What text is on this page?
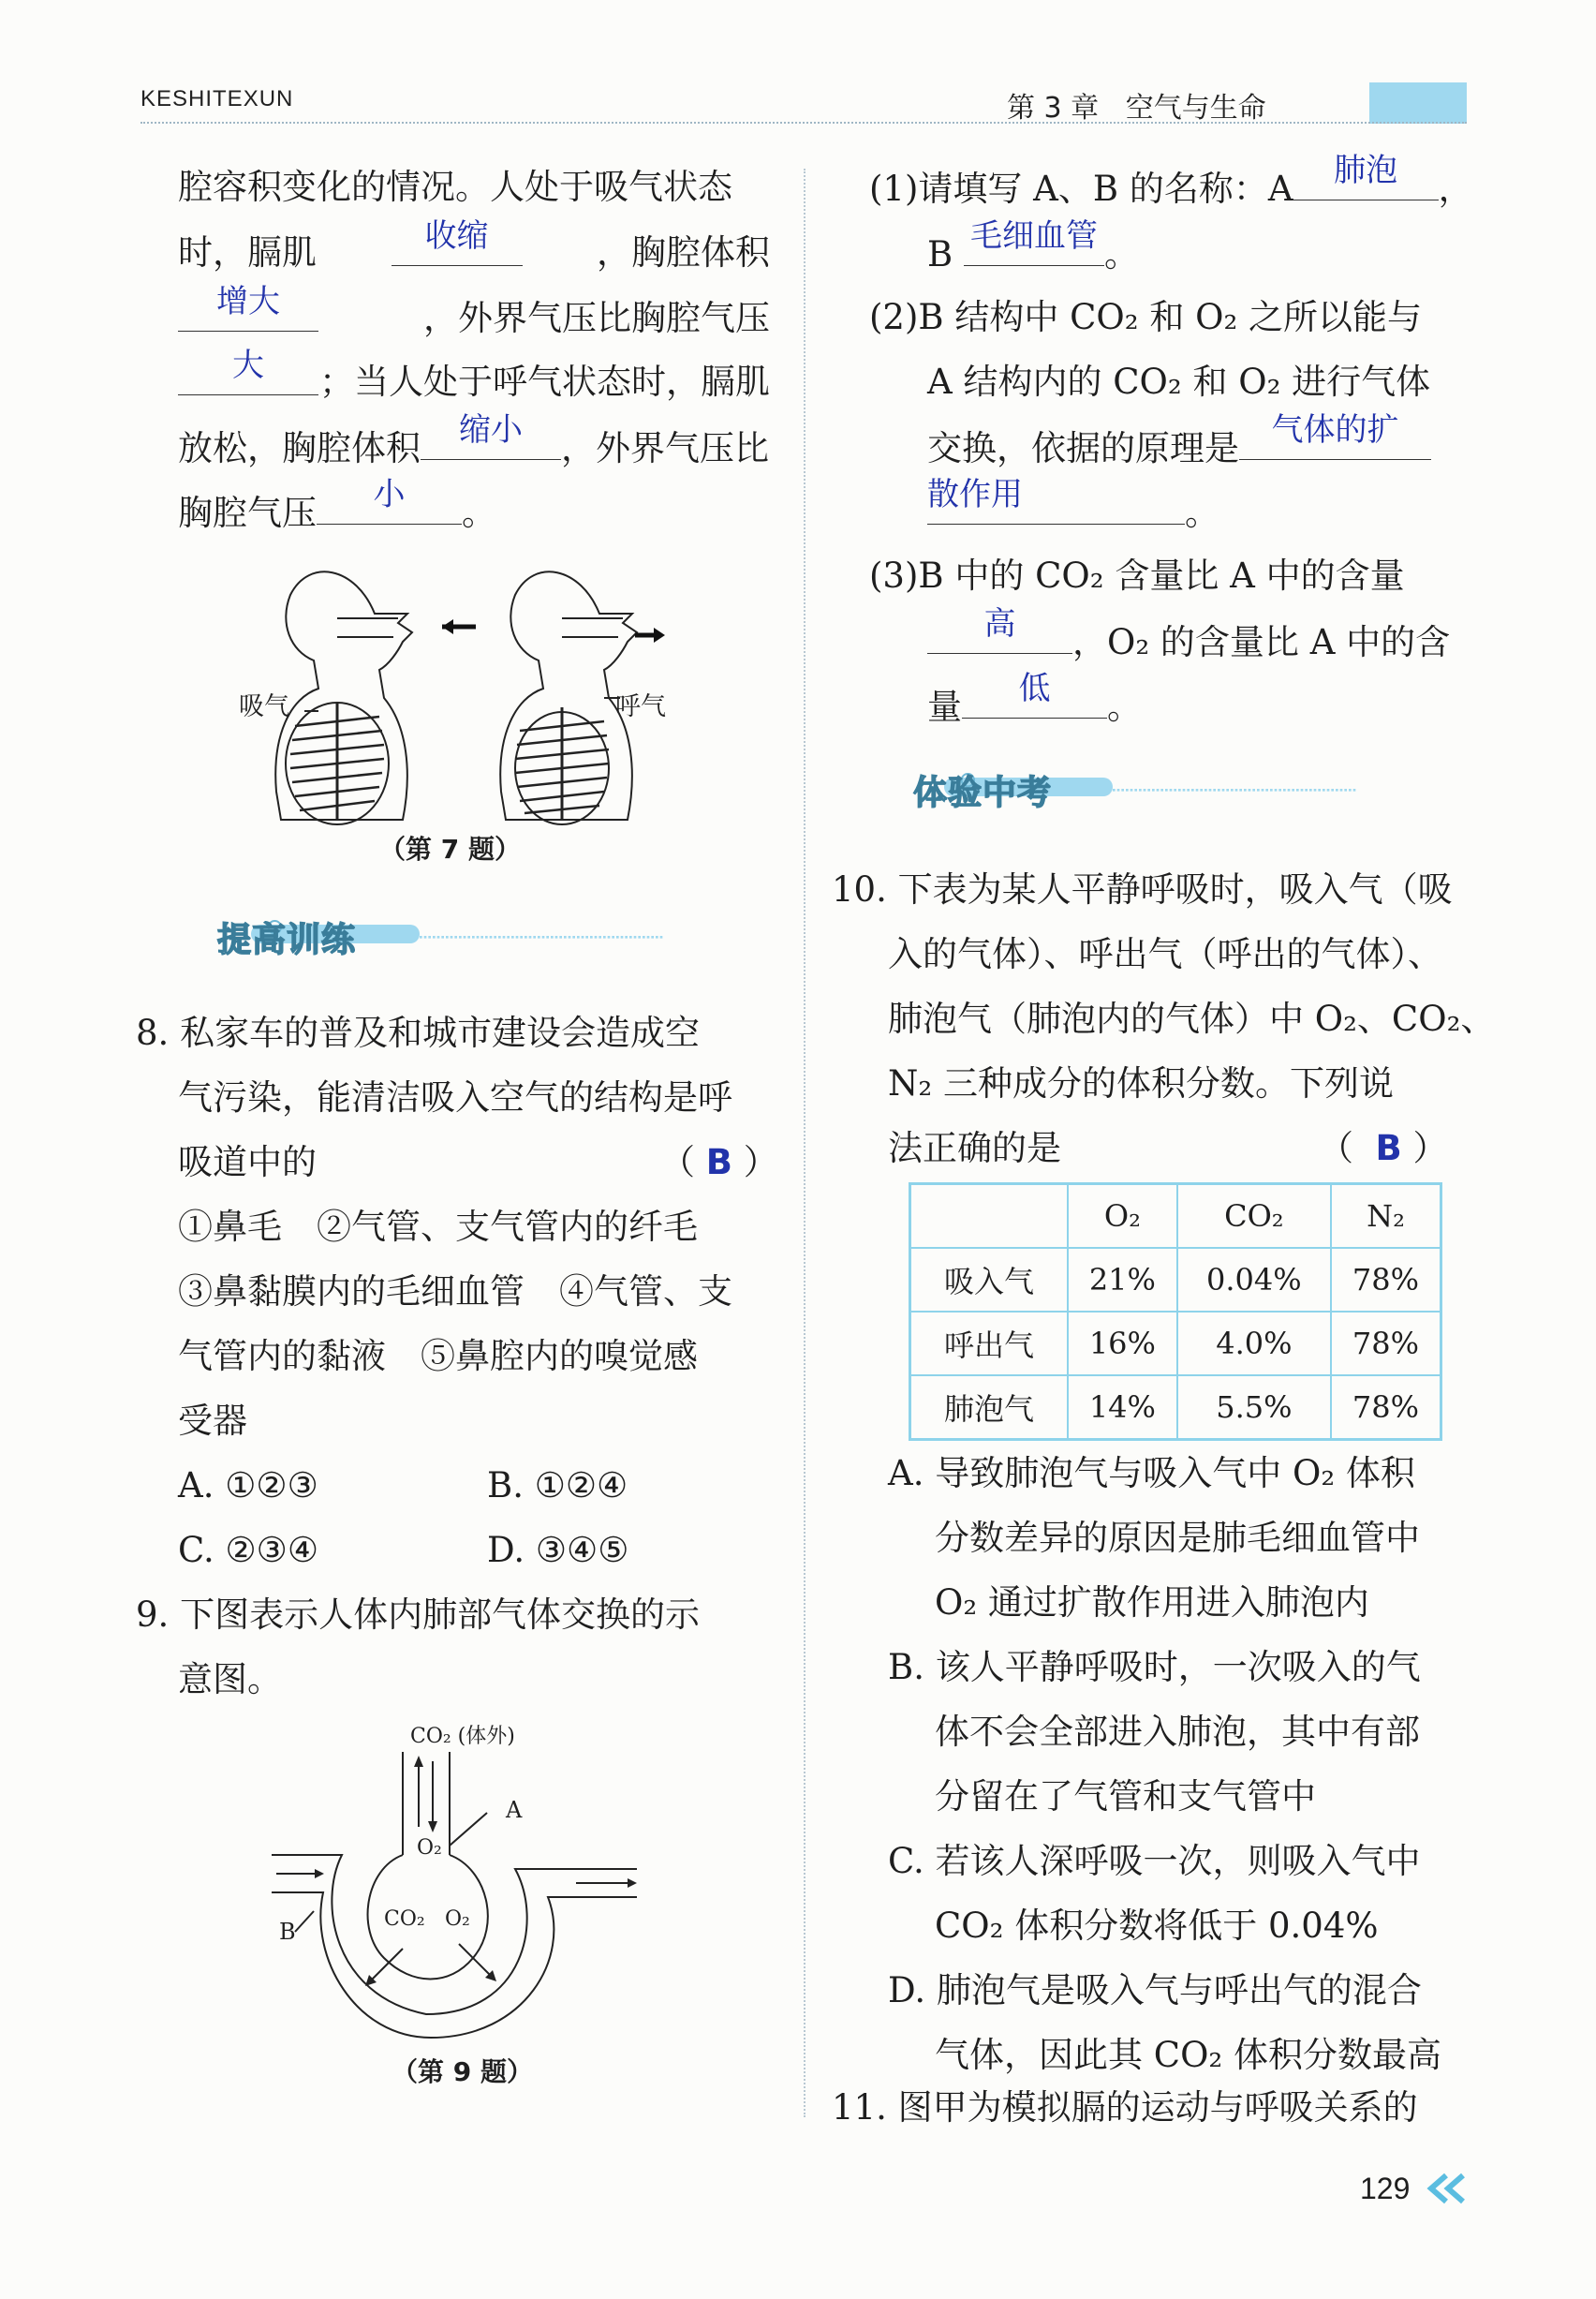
KESHITEXUN	第 3 章 空气与生命
腔容积变化的情况。人处于吸气状态
时，膈肌	收缩	，胸腔体积
增大	，外界气压比胸腔气压
大	；当人处于呼气状态时，膈肌
放松，胸腔体积	缩小	，外界气压比
胸腔气压	小	。
吸气	呼气
（第 7 题）
提高训练
8. 私家车的普及和城市建设会造成空
气污染，能清洁吸入空气的结构是呼
吸道中的	（ B ）
①鼻毛　②气管、支气管内的纤毛
③鼻黏膜内的毛细血管　④气管、支
气管内的黏液　⑤鼻腔内的嗅觉感
受器
A. ①②③	B. ①②④
C. ②③④	D. ③④⑤
9. 下图表示人体内肺部气体交换的示
意图。
CO₂ (体外)
A
B
O₂
CO₂ O₂
（第 9 题）
(1)请填写 A、B 的名称：A	肺泡	，
B 毛细血管 。
(2)B 结构中 CO₂ 和 O₂ 之所以能与
A 结构内的 CO₂ 和 O₂ 进行气体
交换，依据的原理是	气体的扩
散作用	。
(3)B 中的 CO₂ 含量比 A 中的含量
高	，O₂ 的含量比 A 中的含
量	低	。
体验中考
10. 下表为某人平静呼吸时，吸入气（吸
入的气体）、呼出气（呼出的气体）、
肺泡气（肺泡内的气体）中 O₂、CO₂、
N₂ 三种成分的体积分数。下列说
法正确的是	（  B ）
	O₂	CO₂	N₂
吸入气	21%	0.04%	78%
呼出气	16%	4.0%	78%
肺泡气	14%	5.5%	78%
A. 导致肺泡气与吸入气中 O₂ 体积
分数差异的原因是肺毛细血管中
O₂ 通过扩散作用进入肺泡内
B. 该人平静呼吸时，一次吸入的气
体不会全部进入肺泡，其中有部
分留在了气管和支气管中
C. 若该人深呼吸一次，则吸入气中
CO₂ 体积分数将低于 0.04%
D. 肺泡气是吸入气与呼出气的混合
气体，因此其 CO₂ 体积分数最高
11. 图甲为模拟膈的运动与呼吸关系的
129
